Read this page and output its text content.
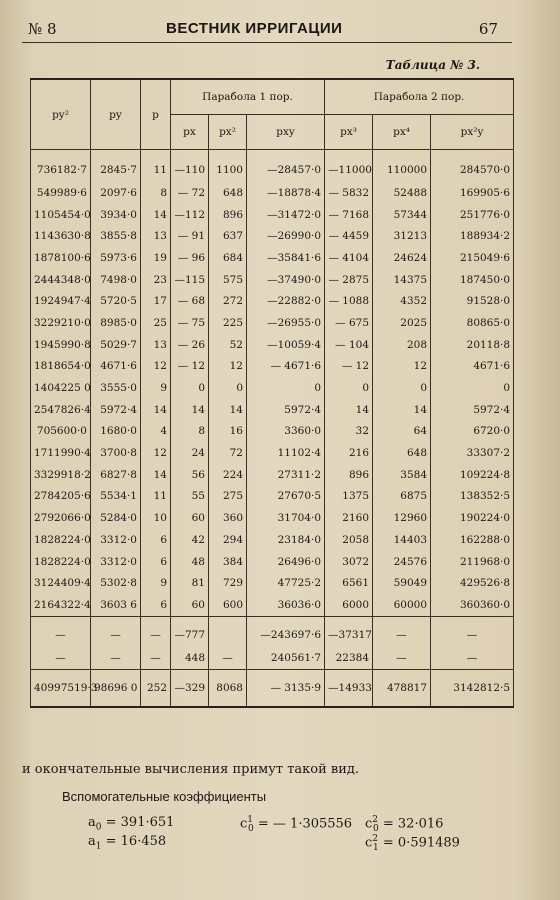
№ 8	ВЕСТНИК ИРРИГАЦИИ	67
Таблица № 3.
py²	py	p	Парабола 1 пор.			Парабола 2 пор.		
			px	px²	pxy	px³	px⁴	px²y
736182·7	2845·7	11	—110	1100	—28457·0	—11000	110000	284570·0
549989·6	2097·6	8	— 72	648	—18878·4	— 5832	52488	169905·6
1105454·0	3934·0	14	—112	896	—31472·0	— 7168	57344	251776·0
1143630·8	3855·8	13	— 91	637	—26990·0	— 4459	31213	188934·2
1878100·6	5973·6	19	— 96	684	—35841·6	— 4104	24624	215049·6
2444348·0	7498·0	23	—115	575	—37490·0	— 2875	14375	187450·0
1924947·4	5720·5	17	— 68	272	—22882·0	— 1088	4352	91528·0
3229210·0	8985·0	25	— 75	225	—26955·0	— 675	2025	80865·0
1945990·8	5029·7	13	— 26	52	—10059·4	— 104	208	20118·8
1818654·0	4671·6	12	— 12	12	— 4671·6	— 12	12	4671·6
1404225 0	3555·0	9	0	0	0	0	0	0
2547826·4	5972·4	14	14	14	5972·4	14	14	5972·4
705600·0	1680·0	4	8	16	3360·0	32	64	6720·0
1711990·4	3700·8	12	24	72	11102·4	216	648	33307·2
3329918·2	6827·8	14	56	224	27311·2	896	3584	109224·8
2784205·6	5534·1	11	55	275	27670·5	1375	6875	138352·5
2792066·0	5284·0	10	60	360	31704·0	2160	12960	190224·0
1828224·0	3312·0	6	42	294	23184·0	2058	14403	162288·0
1828224·0	3312·0	6	48	384	26496·0	3072	24576	211968·0
3124409·4	5302·8	9	81	729	47725·2	6561	59049	429526·8
2164322·4	3603 6	6	60	600	36036·0	6000	60000	360360·0
—	—	—	—777		—243697·6	—37317	—	—
—	—	—	448	—	240561·7	22384	—	—
40997519·3	98696 0	252	—329	8068	— 3135·9	—14933	478817	3142812·5
и окончательные вычисления примут такой вид.
Вспомогательные коэффициенты
$a_0 = 391\cdot 651$
$a_1 = 16\cdot 458$
$c^1_0$ = — 1·305556 $c^2_0 = 32\cdot 016$
$c^2_1 = 0\cdot 591489$
